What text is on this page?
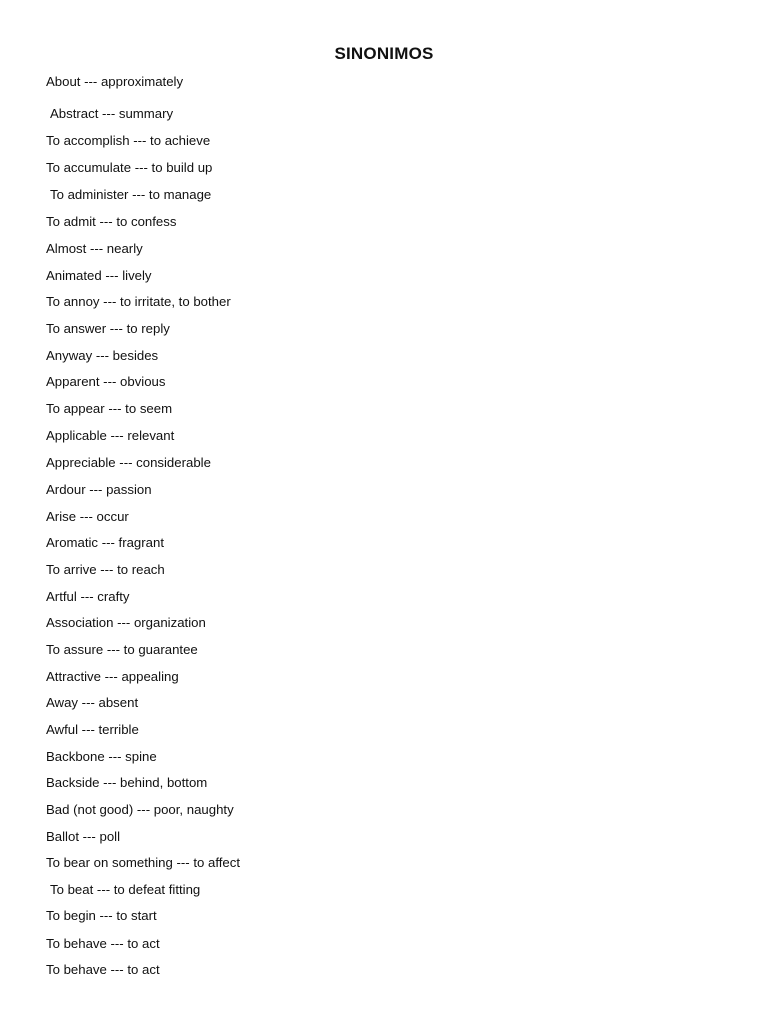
SINONIMOS
About --- approximately
Abstract --- summary
To accomplish --- to achieve
To accumulate --- to build up
To administer --- to manage
To admit --- to confess
Almost --- nearly
Animated --- lively
To annoy --- to irritate, to bother
To answer --- to reply
Anyway --- besides
Apparent --- obvious
To appear --- to seem
Applicable --- relevant
Appreciable --- considerable
Ardour --- passion
Arise --- occur
Aromatic --- fragrant
To arrive --- to reach
Artful --- crafty
Association --- organization
To assure --- to guarantee
Attractive --- appealing
Away --- absent
Awful --- terrible
Backbone --- spine
Backside --- behind, bottom
Bad (not good) --- poor, naughty
Ballot --- poll
To bear on something --- to affect
To beat --- to defeat fitting
To begin --- to start
To behave --- to act
To behave --- to act
